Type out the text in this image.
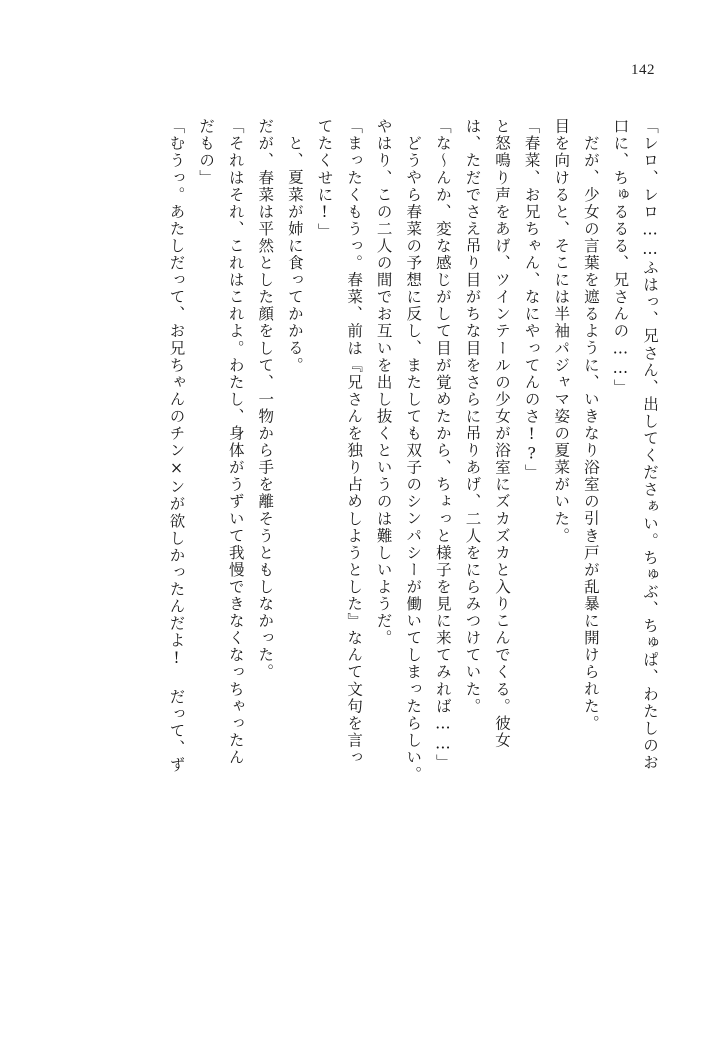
142
「レロ、レロ……ふはっ、兄さん、出してくださぁい。ちゅぶ、ちゅぱ、わたしのお
口に、ちゅるるる、兄さんの……」
だが、少女の言葉を遮るように、いきなり浴室の引き戸が乱暴に開けられた。
目を向けると、そこには半袖パジャマ姿の夏菜がいた。
「春菜、お兄ちゃん、なにやってんのさ!?」
と怒鳴り声をあげ、ツインテールの少女が浴室にズカズカと入りこんでくる。彼女
は、ただでさえ吊り目がちな目をさらに吊りあげ、二人をにらみつけていた。
「な〜んか、変な感じがして目が覚めたから、ちょっと様子を見に来てみれば……」
どうやら春菜の予想に反し、またしても双子のシンパシーが働いてしまったらしい。
やはり、この二人の間でお互いを出し抜くというのは難しいようだ。
「まったくもうっ。春菜、前は『兄さんを独り占めしようとした』なんて文句を言っ
てたくせに!」
と、夏菜が姉に食ってかかる。
だが、春菜は平然とした顔をして、一物から手を離そうともしなかった。
「それはそれ、これはこれよ。わたし、身体がうずいて我慢できなくなっちゃったん
だもの」
「むうっ。あたしだって、お兄ちゃんのチン×ンが欲しかったんだよ! だって、ず
